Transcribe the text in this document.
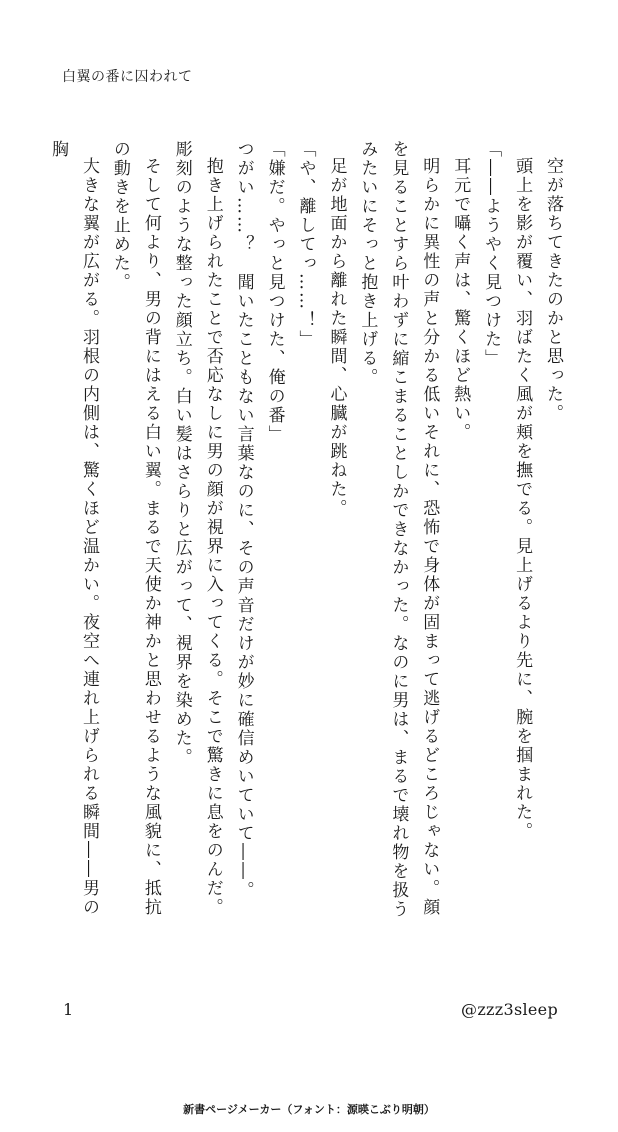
白翼の番に囚われて

空が落ちてきたのかと思った。

頭上を影が覆い、羽ばたく風が頬を撫でる。見上げるより先に、腕を掴まれた。

「――ようやく見つけた」

耳元で囁く声は、驚くほど熱い。

明らかに異性の声と分かる低いそれに、恐怖で身体が固まって逃げるどころじゃない。顔を見ることすら叶わずに縮こまることしかできなかった。なのに男は、まるで壊れ物を扱うみたいにそっと抱き上げる。

足が地面から離れた瞬間、心臓が跳ねた。

「や、離してっ……！」

「嫌だ。やっと見つけた、俺の番」

つがい……？　聞いたこともない言葉なのに、その声音だけが妙に確信めいていて――。

抱き上げられたことで否応なしに男の顔が視界に入ってくる。そこで驚きに息をのんだ。彫刻のような整った顔立ち。白い髪はさらりと広がって、視界を染めた。

そして何より、男の背にはえる白い翼。まるで天使か神かと思わせるような風貌に、抵抗の動きを止めた。

大きな翼が広がる。羽根の内側は、驚くほど温かい。夜空へ連れ上げられる瞬間――男の胸

1	@zzz3sleep
新書ページメーカー（フォント：源暎こぶり明朝）
